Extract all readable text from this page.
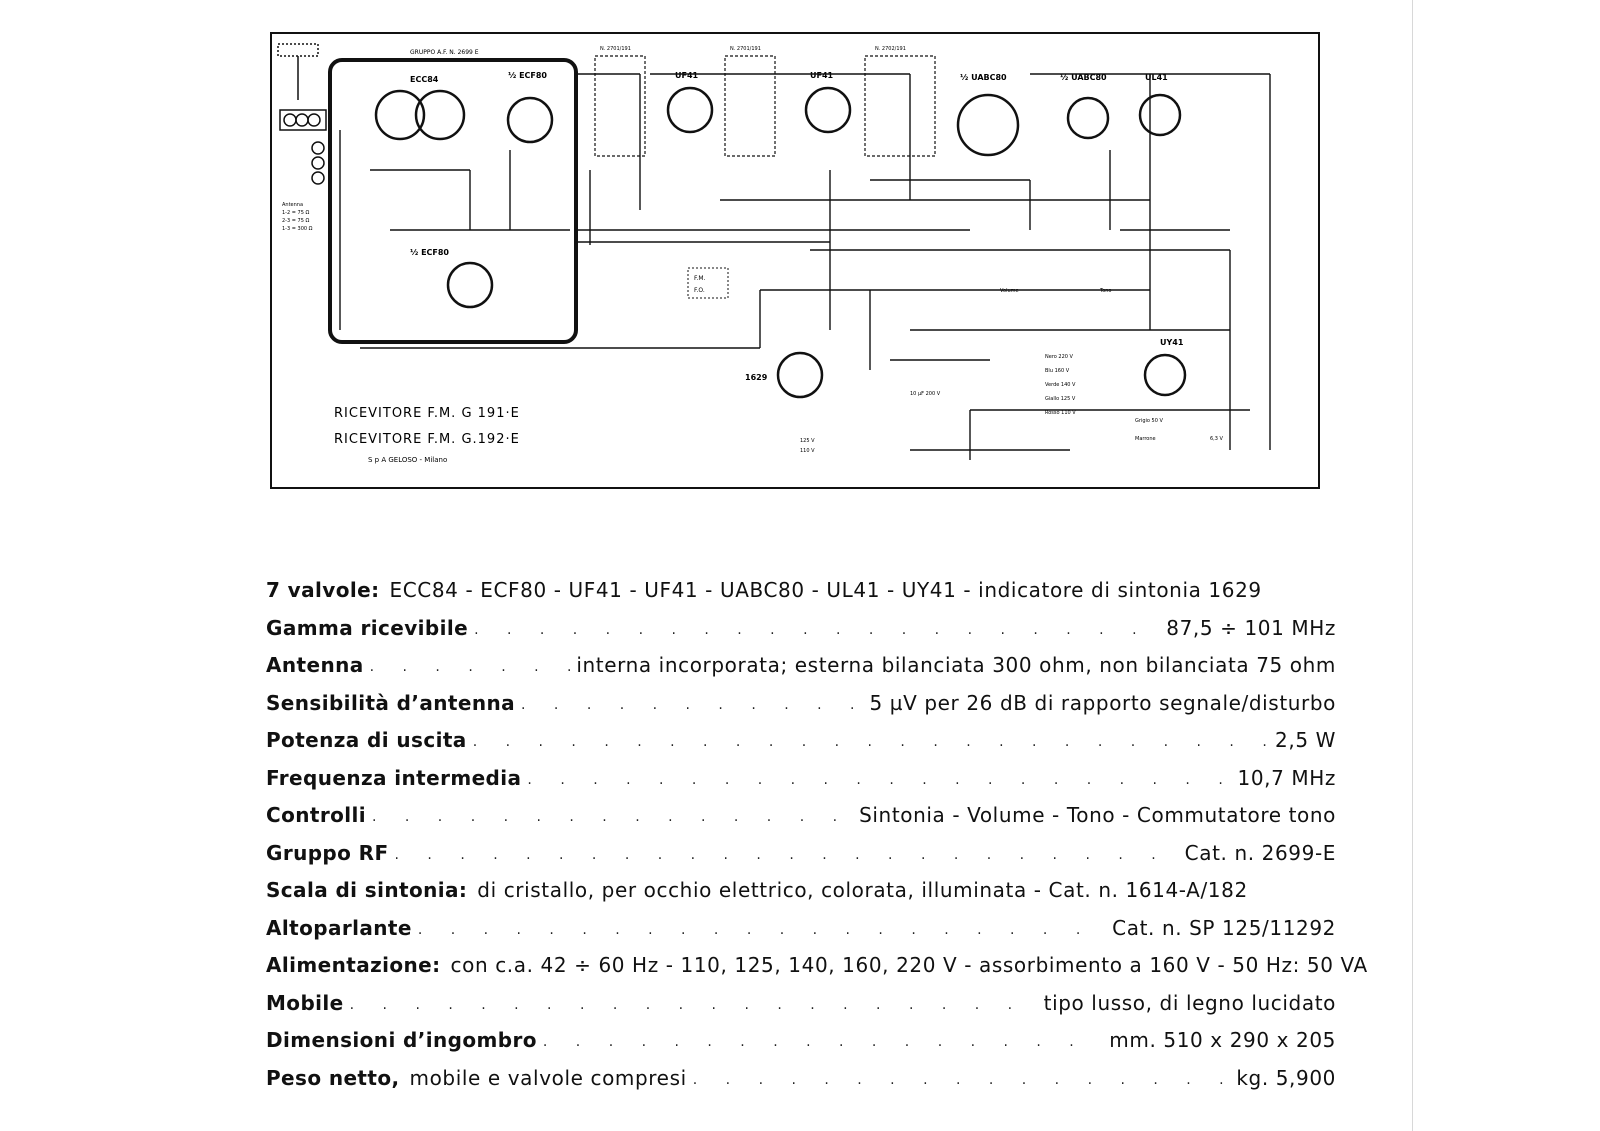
GRUPPO A.F. N. 2699 E
Antenna
1-2 = 75 Ω
2-3 = 75 Ω
1-3 = 300 Ω
ECC84	½ ECF80	UF41	UF41	½ UABC80	½ UABC80	UL41
½ ECF80
UY41
1629
N. 2701/191	N. 2701/191	N. 2702/191
F.M.
F.O.
Nero 220 V
Blu 160 V
Verde 140 V
Giallo 125 V
Rosso 110 V
Grigio 50 V
Marrone
125 V
110 V
10 µF 200 V
6,3 V
Volume	Tono
RICEVITORE F.M. G 191·E
RICEVITORE F.M. G.192·E
S p A GELOSO - Milano
7 valvole: ECC84 - ECF80 - UF41 - UF41 - UABC80 - UL41 - UY41 - indicatore di sintonia 1629
Gamma ricevibile . . .	87,5 ÷ 101 MHz
Antenna . . .	interna incorporata; esterna bilanciata 300 ohm, non bilanciata 75 ohm
Sensibilità d’antenna . . .	5 µV per 26 dB di rapporto segnale/disturbo
Potenza di uscita . . .	2,5 W
Frequenza intermedia . . .	10,7 MHz
Controlli . . .	Sintonia - Volume - Tono - Commutatore tono
Gruppo RF . . .	Cat. n. 2699-E
Scala di sintonia: di cristallo, per occhio elettrico, colorata, illuminata - Cat. n. 1614-A/182
Altoparlante . . .	Cat. n. SP 125/11292
Alimentazione: con c.a. 42 ÷ 60 Hz - 110, 125, 140, 160, 220 V - assorbimento a 160 V - 50 Hz: 50 VA
Mobile . . .	tipo lusso, di legno lucidato
Dimensioni d’ingombro . . .	mm. 510 x 290 x 205
Peso netto, mobile e valvole compresi . . .	kg. 5,900
